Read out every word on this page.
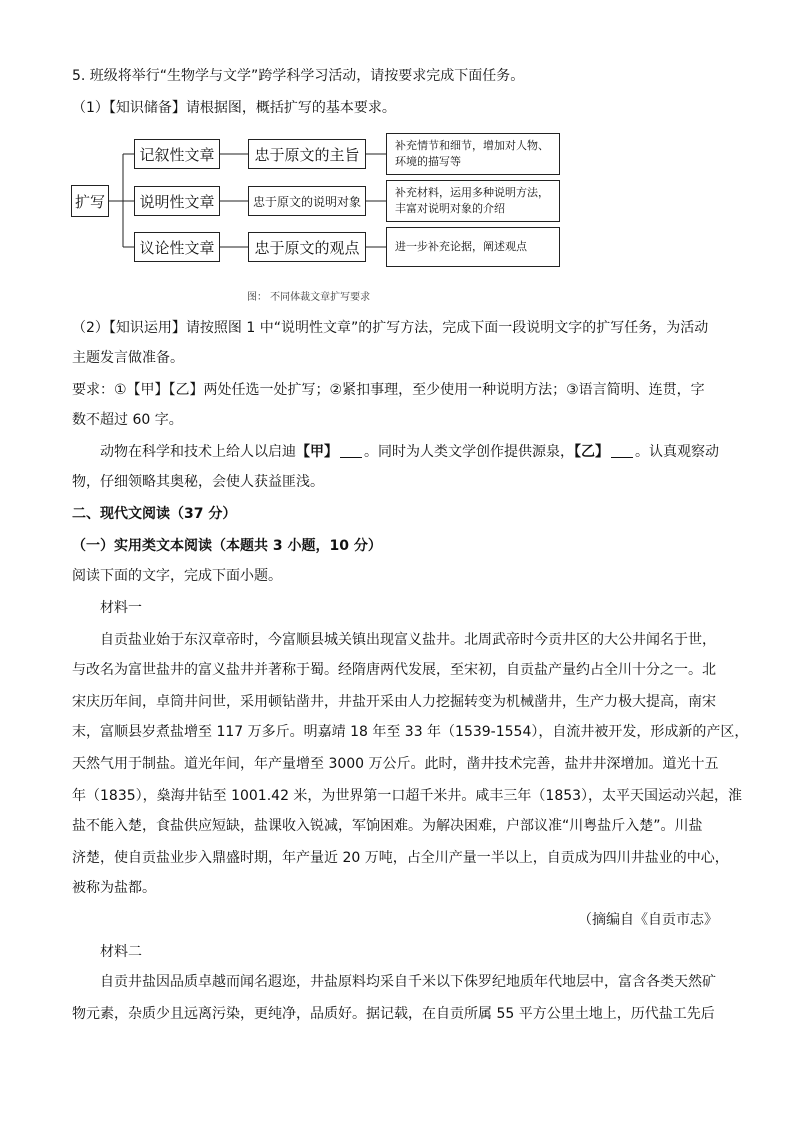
5. 班级将举行“生物学与文学”跨学科学习活动，请按要求完成下面任务。
（1）【知识储备】请根据图，概括扩写的基本要求。
扩写
记叙性文章
说明性文章
议论性文章
忠于原文的主旨
忠于原文的说明对象
忠于原文的观点
补充情节和细节，增加对人物、环境的描写等
补充材料，运用多种说明方法，丰富对说明对象的介绍
进一步补充论据，阐述观点
图： 不同体裁文章扩写要求
（2）【知识运用】请按照图 1 中“说明性文章”的扩写方法，完成下面一段说明文字的扩写任务，为活动
主题发言做准备。
要求：①【甲】【乙】两处任选一处扩写；②紧扣事理，至少使用一种说明方法；③语言简明、连贯，字
数不超过 60 字。
动物在科学和技术上给人以启迪【甲】 。同时为人类文学创作提供源泉，【乙】 。认真观察动
物，仔细领略其奥秘，会使人获益匪浅。
二、现代文阅读（37 分）
（一）实用类文本阅读（本题共 3 小题，10 分）
阅读下面的文字，完成下面小题。
材料一
自贡盐业始于东汉章帝时，今富顺县城关镇出现富义盐井。北周武帝时今贡井区的大公井闻名于世，
与改名为富世盐井的富义盐井并著称于蜀。经隋唐两代发展，至宋初，自贡盐产量约占全川十分之一。北
宋庆历年间，卓筒井问世，采用顿钻凿井，井盐开采由人力挖掘转变为机械凿井，生产力极大提高，南宋
末，富顺县岁煮盐增至 117 万多斤。明嘉靖 18 年至 33 年（1539-1554），自流井被开发，形成新的产区，
天然气用于制盐。道光年间，年产量增至 3000 万公斤。此时，凿井技术完善，盐井井深增加。道光十五
年（1835），燊海井钻至 1001.42 米，为世界第一口超千米井。咸丰三年（1853），太平天国运动兴起，淮
盐不能入楚，食盐供应短缺，盐课收入锐减，军饷困难。为解决困难，户部议准“川粤盐斤入楚”。川盐
济楚，使自贡盐业步入鼎盛时期，年产量近 20 万吨，占全川产量一半以上，自贡成为四川井盐业的中心，
被称为盐都。
（摘编自《自贡市志》
材料二
自贡井盐因品质卓越而闻名遐迩，井盐原料均采自千米以下侏罗纪地质年代地层中，富含各类天然矿
物元素，杂质少且远离污染，更纯净，品质好。据记载，在自贡所属 55 平方公里土地上，历代盐工先后
